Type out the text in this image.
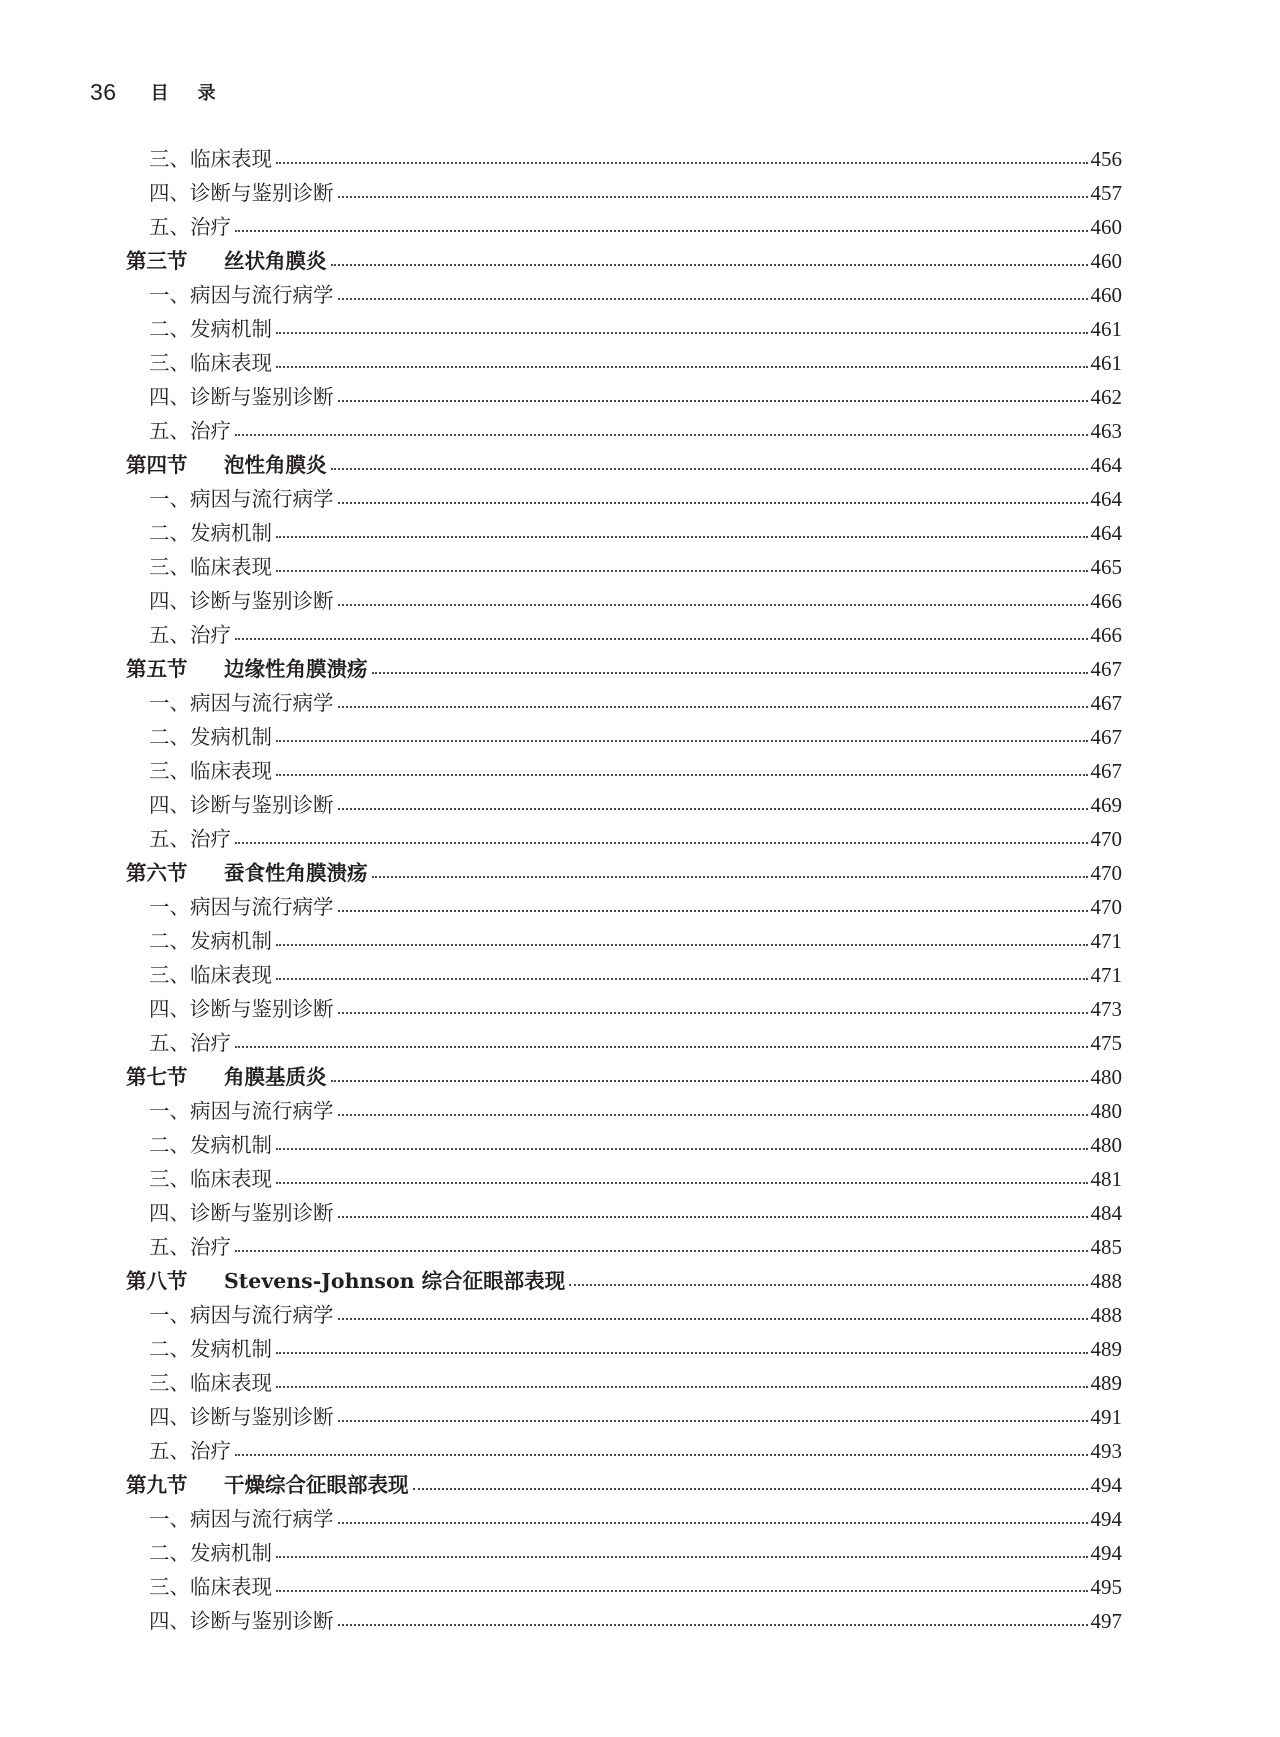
36 目录
三、临床表现	456
四、诊断与鉴别诊断	457
五、治疗	460
第三节 丝状角膜炎	460
一、病因与流行病学	460
二、发病机制	461
三、临床表现	461
四、诊断与鉴别诊断	462
五、治疗	463
第四节 泡性角膜炎	464
一、病因与流行病学	464
二、发病机制	464
三、临床表现	465
四、诊断与鉴别诊断	466
五、治疗	466
第五节 边缘性角膜溃疡	467
一、病因与流行病学	467
二、发病机制	467
三、临床表现	467
四、诊断与鉴别诊断	469
五、治疗	470
第六节 蚕食性角膜溃疡	470
一、病因与流行病学	470
二、发病机制	471
三、临床表现	471
四、诊断与鉴别诊断	473
五、治疗	475
第七节 角膜基质炎	480
一、病因与流行病学	480
二、发病机制	480
三、临床表现	481
四、诊断与鉴别诊断	484
五、治疗	485
第八节 Stevens-Johnson 综合征眼部表现	488
一、病因与流行病学	488
二、发病机制	489
三、临床表现	489
四、诊断与鉴别诊断	491
五、治疗	493
第九节 干燥综合征眼部表现	494
一、病因与流行病学	494
二、发病机制	494
三、临床表现	495
四、诊断与鉴别诊断	497
